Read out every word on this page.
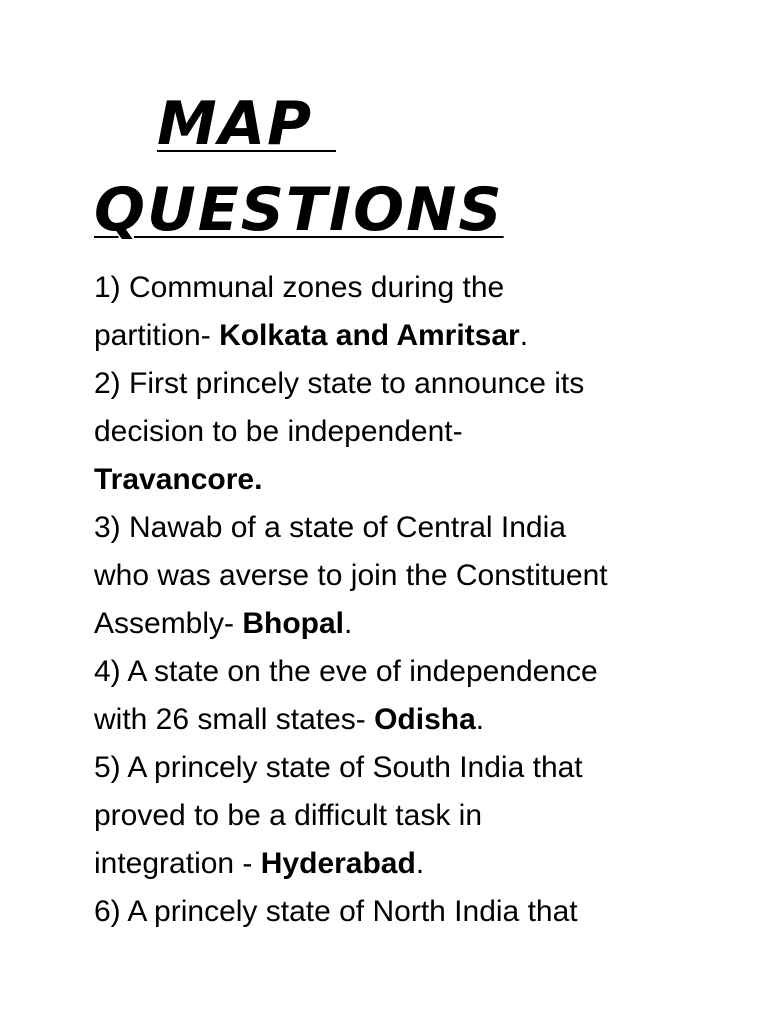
MAP
QUESTIONS
1) Communal zones during the
partition- Kolkata and Amritsar.
2) First princely state to announce its
decision to be independent-
Travancore.
3) Nawab of a state of Central India
who was averse to join the Constituent
Assembly- Bhopal.
4) A state on the eve of independence
with 26 small states- Odisha.
5) A princely state of South India that
proved to be a difficult task in
integration - Hyderabad.
6) A princely state of North India that
